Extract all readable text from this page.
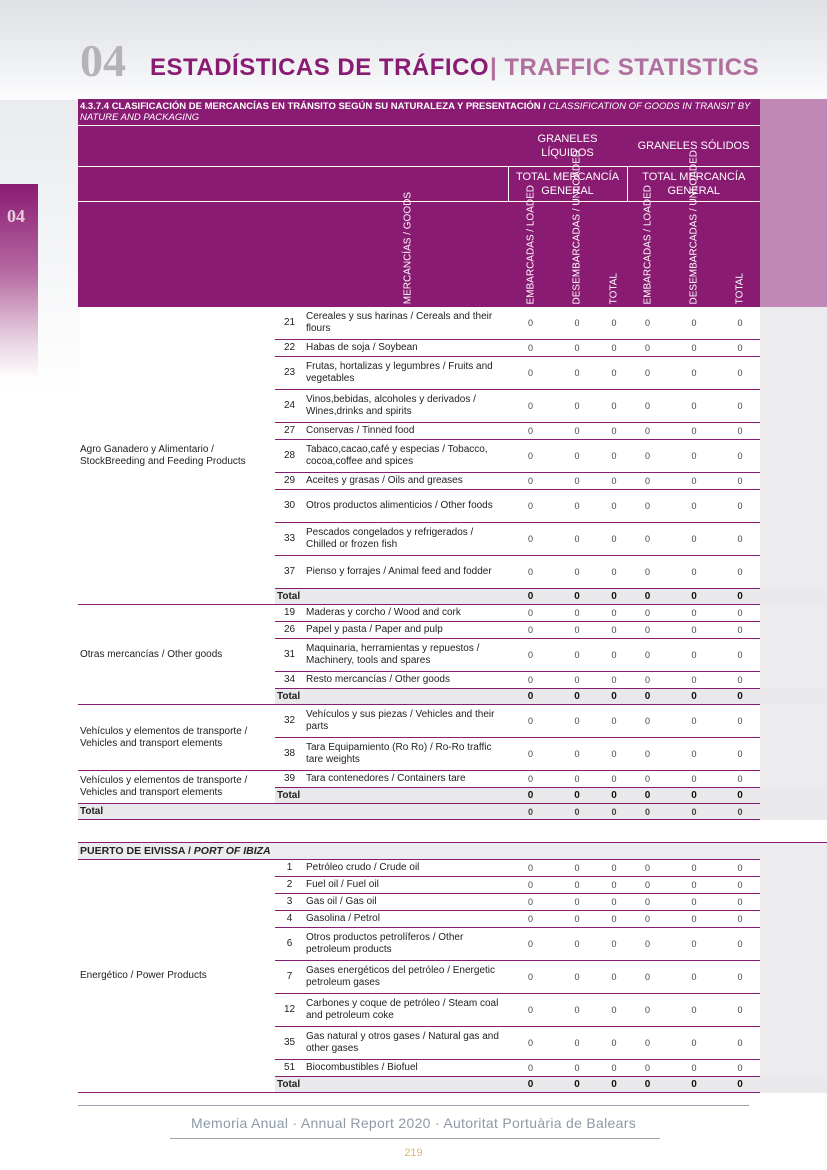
04 ESTADÍSTICAS DE TRÁFICO | TRAFFIC STATISTICS
04
4.3.7.4 CLASIFICACIÓN DE MERCANCÍAS EN TRÁNSITO SEGÚN SU NATURALEZA Y PRESENTACIÓN / CLASSIFICATION OF GOODS IN TRANSIT BY NATURE AND PACKAGING									
			GRANELES LÍQUIDOS			GRANELES SÓLIDOS			
			TOTAL MERCANCÍA GENERAL			TOTAL MERCANCÍA GENERAL			

MERCANCÍAS / GOODS			EMBARCADAS / LOADED	DESEMBARCADAS / UNLOADED	TOTAL	EMBARCADAS / LOADED	DESEMBARCADAS / UNLOADED	TOTAL	

Agro Ganadero y Alimentario / StockBreeding and Feeding Products	21	Cereales y sus harinas / Cereals and their flours	0	0	0	0	0	0	
	22	Habas de soja / Soybean	0	0	0	0	0	0	
	23	Frutas, hortalizas y legumbres / Fruits and vegetables	0	0	0	0	0	0	
	24	Vinos,bebidas, alcoholes y derivados / Wines,drinks and spirits	0	0	0	0	0	0	
	27	Conservas / Tinned food	0	0	0	0	0	0	
	28	Tabaco,cacao,café y especias / Tobacco, cocoa,coffee and spices	0	0	0	0	0	0	
	29	Aceites y grasas / Oils and greases	0	0	0	0	0	0	
	30	Otros productos alimenticios / Other foods	0	0	0	0	0	0	
	33	Pescados congelados y refrigerados / Chilled or frozen fish	0	0	0	0	0	0	
	37	Pienso y forrajes / Animal feed and fodder	0	0	0	0	0	0	
	Total		0	0	0	0	0	0	
Otras mercancías / Other goods	19	Maderas y corcho / Wood and cork	0	0	0	0	0	0	
	26	Papel y pasta / Paper and pulp	0	0	0	0	0	0	
	31	Maquinaria, herramientas y repuestos / Machinery, tools and spares	0	0	0	0	0	0	
	34	Resto mercancías / Other goods	0	0	0	0	0	0	
	Total		0	0	0	0	0	0	
Vehículos y elementos de transporte / Vehicles and transport elements	32	Vehículos y sus piezas / Vehicles and their parts	0	0	0	0	0	0	
	38	Tara Equipamiento (Ro Ro) / Ro-Ro traffic tare weights	0	0	0	0	0	0	
Vehículos y elementos de transporte / Vehicles and transport elements	39	Tara contenedores / Containers tare	0	0	0	0	0	0	
	Total		0	0	0	0	0	0	
Total			0	0	0	0	0	0	

PUERTO DE EIVISSA / PORT OF IBIZA									
Energético / Power Products	1	Petróleo crudo / Crude oil	0	0	0	0	0	0	
	2	Fuel oil / Fuel oil	0	0	0	0	0	0	
	3	Gas oil / Gas oil	0	0	0	0	0	0	
	4	Gasolina / Petrol	0	0	0	0	0	0	
	6	Otros productos petrolíferos / Other petroleum products	0	0	0	0	0	0	
	7	Gases energéticos del petróleo / Energetic petroleum gases	0	0	0	0	0	0	
	12	Carbones y coque de petróleo / Steam coal and petroleum coke	0	0	0	0	0	0	
	35	Gas natural y otros gases / Natural gas and other gases	0	0	0	0	0	0	
	51	Biocombustibles / Biofuel	0	0	0	0	0	0	
	Total		0	0	0	0	0	0	
Memoria Anual · Annual Report 2020 · Autoritat Portuària de Balears
219
